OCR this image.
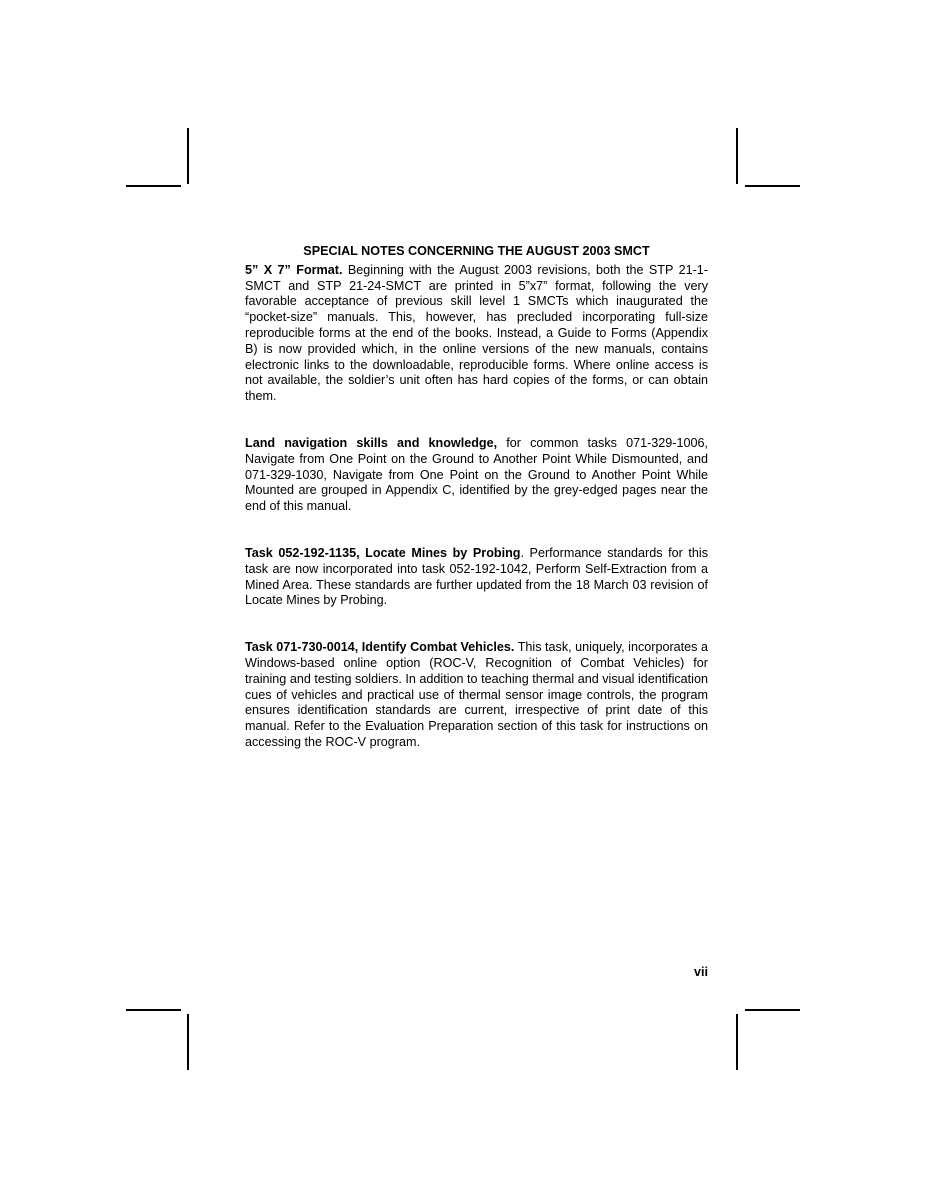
SPECIAL NOTES CONCERNING THE AUGUST 2003 SMCT

5” X 7” Format. Beginning with the August 2003 revisions, both the STP 21-1-SMCT and STP 21-24-SMCT are printed in 5”x7” format, following the very favorable acceptance of previous skill level 1 SMCTs which inaugurated the “pocket-size” manuals. This, however, has precluded incorporating full-size reproducible forms at the end of the books. Instead, a Guide to Forms (Appendix B) is now provided which, in the online versions of the new manuals, contains electronic links to the downloadable, reproducible forms. Where online access is not available, the soldier’s unit often has hard copies of the forms, or can obtain them.

Land navigation skills and knowledge, for common tasks 071-329-1006, Navigate from One Point on the Ground to Another Point While Dismounted, and 071-329-1030, Navigate from One Point on the Ground to Another Point While Mounted are grouped in Appendix C, identified by the grey-edged pages near the end of this manual.

Task 052-192-1135, Locate Mines by Probing. Performance standards for this task are now incorporated into task 052-192-1042, Perform Self-Extraction from a Mined Area. These standards are further updated from the 18 March 03 revision of Locate Mines by Probing.

Task 071-730-0014, Identify Combat Vehicles. This task, uniquely, incorporates a Windows-based online option (ROC-V, Recognition of Combat Vehicles) for training and testing soldiers. In addition to teaching thermal and visual identification cues of vehicles and practical use of thermal sensor image controls, the program ensures identification standards are current, irrespective of print date of this manual. Refer to the Evaluation Preparation section of this task for instructions on accessing the ROC-V program.

vii
